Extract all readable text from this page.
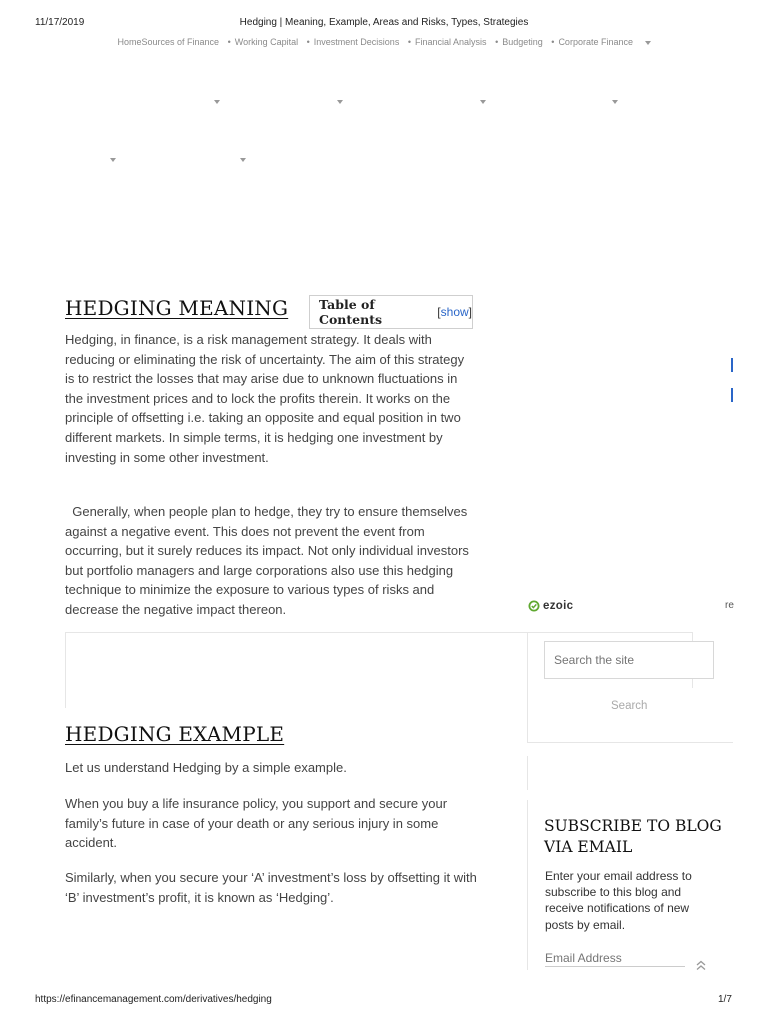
11/17/2019	Hedging | Meaning, Example, Areas and Risks, Types, Strategies
HomeSources of Finance • Working Capital • Investment Decisions • Financial Analysis • Budgeting • Corporate Finance
HEDGING MEANING Table of Contents	[show]
Hedging, in finance, is a risk management strategy. It deals with reducing or eliminating the risk of uncertainty. The aim of this strategy is to restrict the losses that may arise due to unknown fluctuations in the investment prices and to lock the profits therein. It works on the principle of offsetting i.e. taking an opposite and equal position in two different markets. In simple terms, it is hedging one investment by investing in some other investment.
Generally, when people plan to hedge, they try to ensure themselves against a negative event. This does not prevent the event from occurring, but it surely reduces its impact. Not only individual investors but portfolio managers and large corporations also use this hedging technique to minimize the exposure to various types of risks and decrease the negative impact thereon.
HEDGING EXAMPLE
Let us understand Hedging by a simple example.
When you buy a life insurance policy, you support and secure your family’s future in case of your death or any serious injury in some accident.
Similarly, when you secure your ‘A’ investment’s loss by offsetting it with ‘B’ investment’s profit, it is known as ‘Hedging’.
ezoic	re
Search the site
Search
SUBSCRIBE TO BLOG VIA EMAIL
Enter your email address to subscribe to this blog and receive notifications of new posts by email.
Email Address
https://efinancemanagement.com/derivatives/hedging	1/7
